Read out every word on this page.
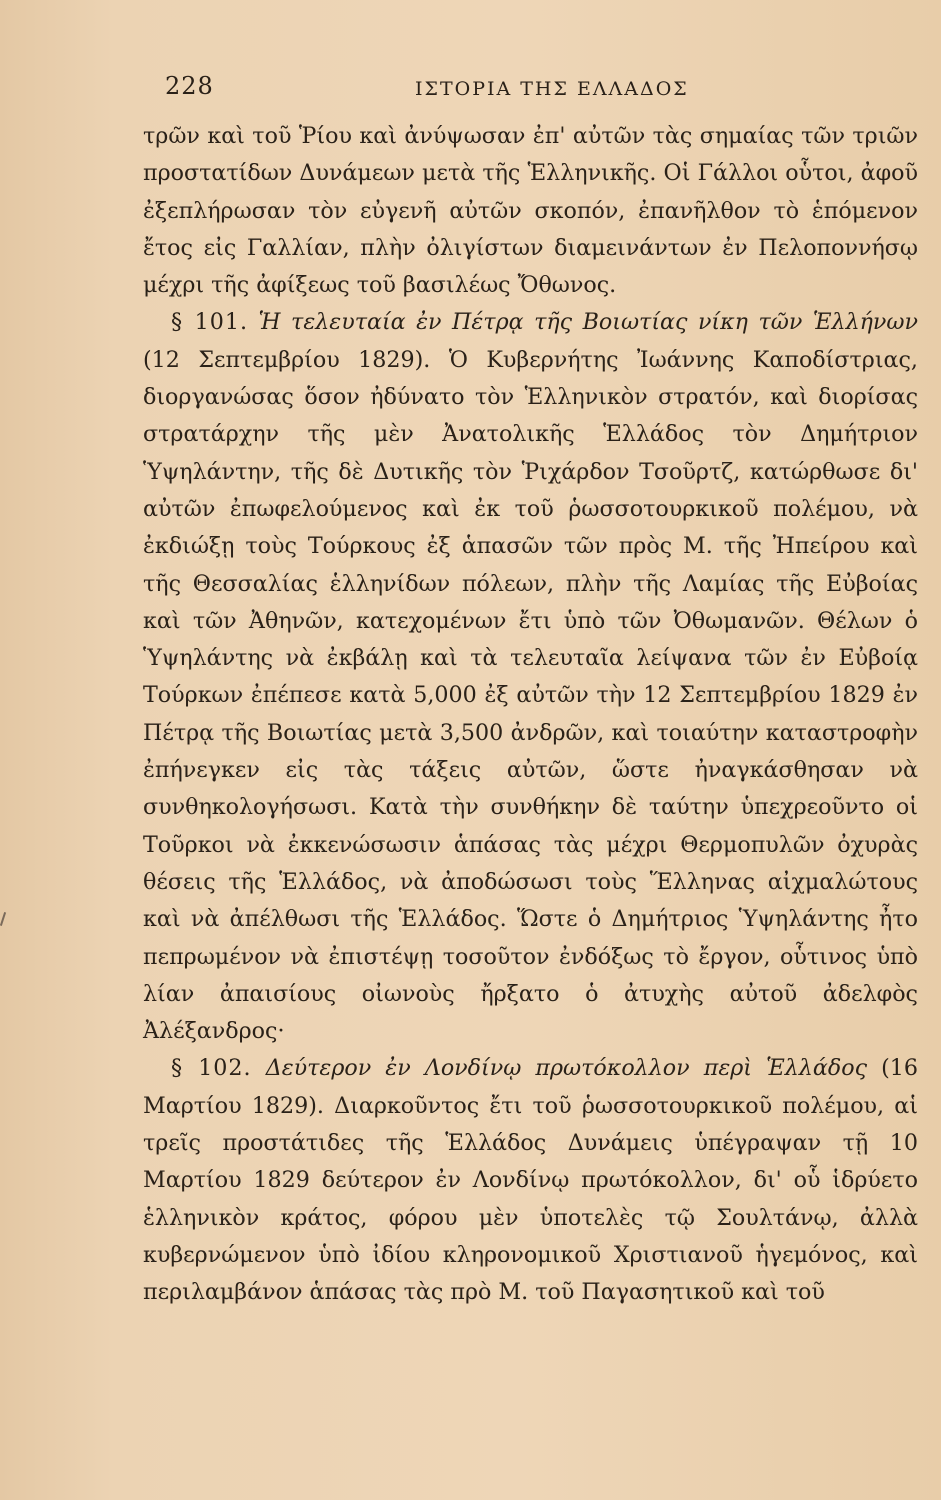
228	ΙΣΤΟΡΙΑ ΤΗΣ ΕΛΛΑΔΟΣ

τρῶν καὶ τοῦ Ῥίου καὶ ἀνύψωσαν ἐπ' αὐτῶν τὰς σημαίας τῶν τριῶν προστατίδων Δυνάμεων μετὰ τῆς Ἑλληνικῆς. Οἱ Γάλλοι οὗτοι, ἀφοῦ ἐξεπλήρωσαν τὸν εὐγενῆ αὐτῶν σκοπόν, ἐπανῆλθον τὸ ἑπόμενον ἔτος εἰς Γαλλίαν, πλὴν ὀλιγίστων διαμεινάντων ἐν Πελοποννήσῳ μέχρι τῆς ἀφίξεως τοῦ βασιλέως Ὄθωνος.

§ 101. Ἡ τελευταία ἐν Πέτρᾳ τῆς Βοιωτίας νίκη τῶν Ἑλλήνων (12 Σεπτεμβρίου 1829). Ὁ Κυβερνήτης Ἰωάννης Καποδίστριας, διοργανώσας ὅσον ἠδύνατο τὸν Ἑλληνικὸν στρατόν, καὶ διορίσας στρατάρχην τῆς μὲν Ἀνατολικῆς Ἑλλάδος τὸν Δημήτριον Ὑψηλάντην, τῆς δὲ Δυτικῆς τὸν Ῥιχάρδον Τσοῦρτζ, κατώρθωσε δι' αὐτῶν ἐπωφελούμενος καὶ ἐκ τοῦ ῥωσσοτουρκικοῦ πολέμου, νὰ ἐκδιώξῃ τοὺς Τούρκους ἐξ ἁπασῶν τῶν πρὸς Μ. τῆς Ἠπείρου καὶ τῆς Θεσσαλίας ἑλληνίδων πόλεων, πλὴν τῆς Λαμίας τῆς Εὐβοίας καὶ τῶν Ἀθηνῶν, κατεχομένων ἔτι ὑπὸ τῶν Ὀθωμανῶν. Θέλων ὁ Ὑψηλάντης νὰ ἐκβάλῃ καὶ τὰ τελευταῖα λείψανα τῶν ἐν Εὐβοίᾳ Τούρκων ἐπέπεσε κατὰ 5,000 ἐξ αὐτῶν τὴν 12 Σεπτεμβρίου 1829 ἐν Πέτρᾳ τῆς Βοιωτίας μετὰ 3,500 ἀνδρῶν, καὶ τοιαύτην καταστροφὴν ἐπήνεγκεν εἰς τὰς τάξεις αὐτῶν, ὥστε ἠναγκάσθησαν νὰ συνθηκολογήσωσι. Κατὰ τὴν συνθήκην δὲ ταύτην ὑπεχρεοῦντο οἱ Τοῦρκοι νὰ ἐκκενώσωσιν ἁπάσας τὰς μέχρι Θερμοπυλῶν ὀχυρὰς θέσεις τῆς Ἑλλάδος, νὰ ἀποδώσωσι τοὺς Ἕλληνας αἰχμαλώτους καὶ νὰ ἀπέλθωσι τῆς Ἑλλάδος. Ὥστε ὁ Δημήτριος Ὑψηλάντης ἦτο πεπρωμένον νὰ ἐπιστέψῃ τοσοῦτον ἐνδόξως τὸ ἔργον, οὗτινος ὑπὸ λίαν ἀπαισίους οἰωνοὺς ἤρξατο ὁ ἀτυχὴς αὐτοῦ ἀδελφὸς Ἀλέξανδρος·

§ 102. Δεύτερον ἐν Λονδίνῳ πρωτόκολλον περὶ Ἑλλάδος (16 Μαρτίου 1829). Διαρκοῦντος ἔτι τοῦ ῥωσσοτουρκικοῦ πολέμου, αἱ τρεῖς προστάτιδες τῆς Ἑλλάδος Δυνάμεις ὑπέγραψαν τῇ 10 Μαρτίου 1829 δεύτερον ἐν Λονδίνῳ πρωτόκολλον, δι' οὗ ἱδρύετο ἑλληνικὸν κράτος, φόρου μὲν ὑποτελὲς τῷ Σουλτάνῳ, ἀλλὰ κυβερνώμενον ὑπὸ ἰδίου κληρονομικοῦ Χριστιανοῦ ἡγεμόνος, καὶ περιλαμβάνον ἁπάσας τὰς πρὸ Μ. τοῦ Παγασητικοῦ καὶ τοῦ
